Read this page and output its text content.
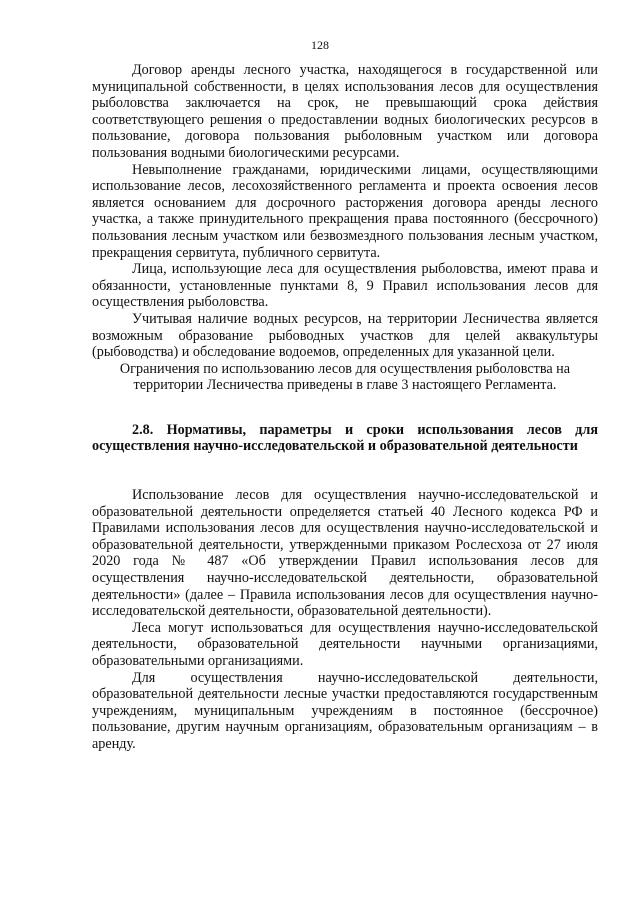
128

Договор аренды лесного участка, находящегося в государственной или муниципальной собственности, в целях использования лесов для осуществления рыболовства заключается на срок, не превышающий срока действия соответствующего решения о предоставлении водных биологических ресурсов в пользование, договора пользования рыболовным участком или договора пользования водными биологическими ресурсами.

Невыполнение гражданами, юридическими лицами, осуществляющими использование лесов, лесохозяйственного регламента и проекта освоения лесов является основанием для досрочного расторжения договора аренды лесного участка, а также принудительного прекращения права постоянного (бессрочного) пользования лесным участком или безвозмездного пользования лесным участком, прекращения сервитута, публичного сервитута.

Лица, использующие леса для осуществления рыболовства, имеют права и обязанности, установленные пунктами 8, 9 Правил использования лесов для осуществления рыболовства.

Учитывая наличие водных ресурсов, на территории Лесничества является возможным образование рыбоводных участков для целей аквакультуры (рыбоводства) и обследование водоемов, определенных для указанной цели.

Ограничения по использованию лесов для осуществления рыболовства на территории Лесничества приведены в главе 3 настоящего Регламента.

2.8. Нормативы, параметры и сроки использования лесов для осуществления научно-исследовательской и образовательной деятельности

Использование лесов для осуществления научно-исследовательской и образовательной деятельности определяется статьей 40 Лесного кодекса РФ и Правилами использования лесов для осуществления научно-исследовательской и образовательной деятельности, утвержденными приказом Рослесхоза от 27 июля 2020 года № 487 «Об утверждении Правил использования лесов для осуществления научно-исследовательской деятельности, образовательной деятельности» (далее – Правила использования лесов для осуществления научно-исследовательской деятельности, образовательной деятельности).

Леса могут использоваться для осуществления научно-исследовательской деятельности, образовательной деятельности научными организациями, образовательными организациями.

Для осуществления научно-исследовательской деятельности, образовательной деятельности лесные участки предоставляются государственным учреждениям, муниципальным учреждениям в постоянное (бессрочное) пользование, другим научным организациям, образовательным организациям – в аренду.
